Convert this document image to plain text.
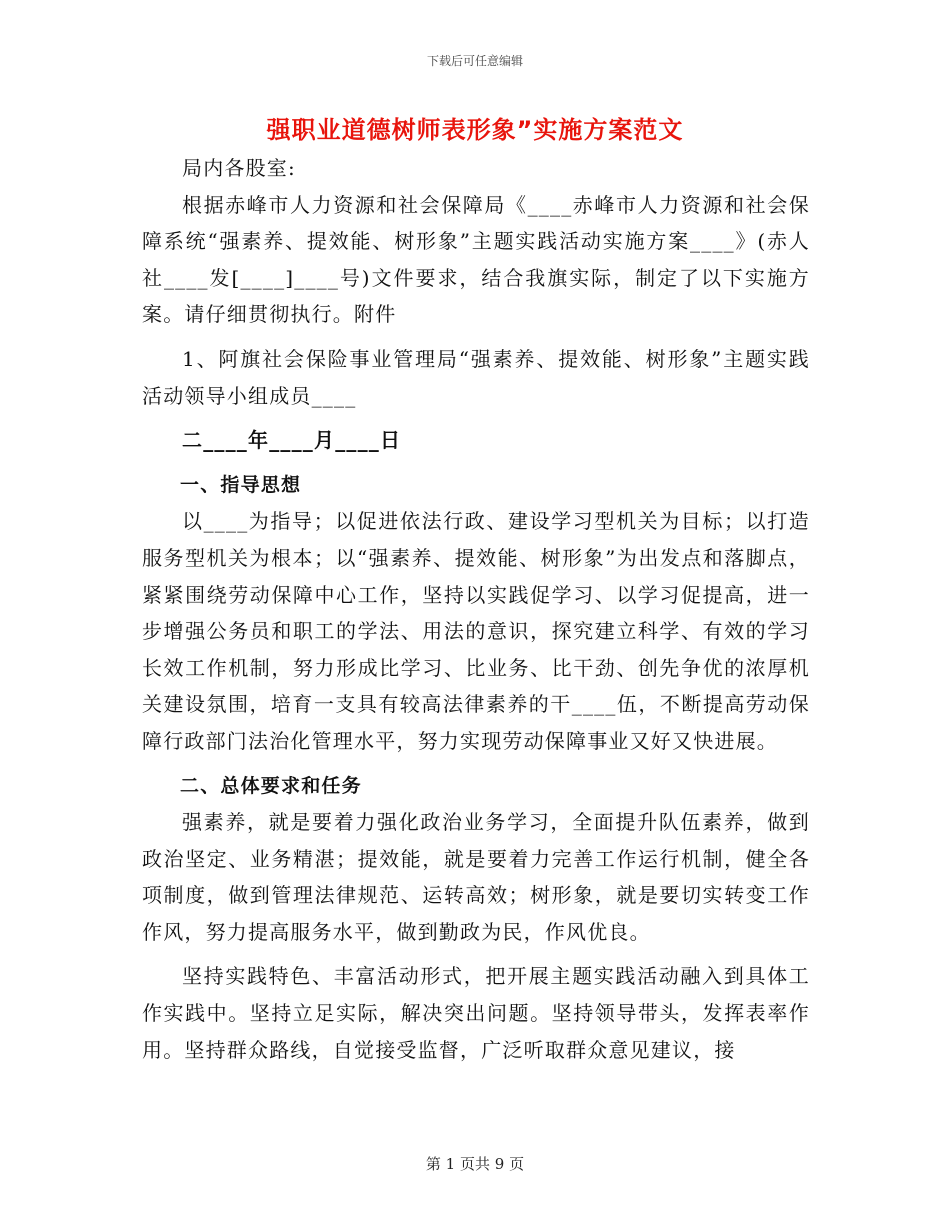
下载后可任意编辑
强职业道德树师表形象”实施方案范文

局内各股室:

根据赤峰市人力资源和社会保障局《____赤峰市人力资源和社会保障系统“强素养、提效能、树形象”主题实践活动实施方案____》(赤人社____发[____]____号)文件要求，结合我旗实际，制定了以下实施方案。请仔细贯彻执行。附件

1、阿旗社会保险事业管理局“强素养、提效能、树形象”主题实践活动领导小组成员____

二____年____月____日

一、指导思想

以____为指导；以促进依法行政、建设学习型机关为目标；以打造服务型机关为根本；以“强素养、提效能、树形象”为出发点和落脚点，紧紧围绕劳动保障中心工作，坚持以实践促学习、以学习促提高，进一步增强公务员和职工的学法、用法的意识，探究建立科学、有效的学习长效工作机制，努力形成比学习、比业务、比干劲、创先争优的浓厚机关建设氛围，培育一支具有较高法律素养的干____伍，不断提高劳动保障行政部门法治化管理水平，努力实现劳动保障事业又好又快进展。

二、总体要求和任务

强素养，就是要着力强化政治业务学习，全面提升队伍素养，做到政治坚定、业务精湛；提效能，就是要着力完善工作运行机制，健全各项制度，做到管理法律规范、运转高效；树形象，就是要切实转变工作作风，努力提高服务水平，做到勤政为民，作风优良。

坚持实践特色、丰富活动形式，把开展主题实践活动融入到具体工作实践中。坚持立足实际，解决突出问题。坚持领导带头，发挥表率作用。坚持群众路线，自觉接受监督，广泛听取群众意见建议，接

第 1 页共 9 页
